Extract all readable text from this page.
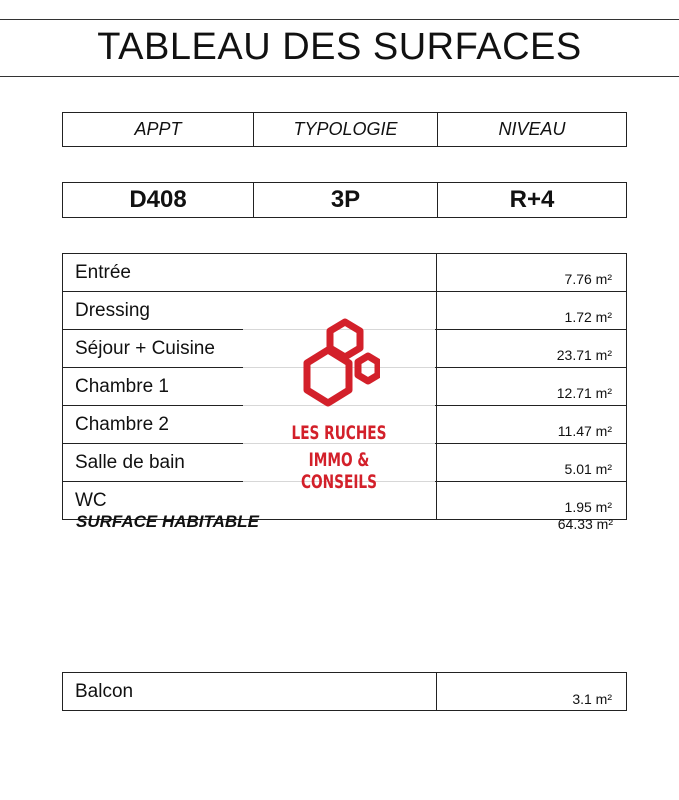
TABLEAU DES SURFACES
APPT	TYPOLOGIE	NIVEAU
D408	3P	R+4
Entrée	7.76 m²
Dressing	1.72 m²
Séjour + Cuisine	23.71 m²
Chambre 1	12.71 m²
Chambre 2	11.47 m²
Salle de bain	5.01 m²
WC	1.95 m²
SURFACE HABITABLE	64.33 m²
LES RUCHES
IMMO & CONSEILS
Balcon	3.1 m²
